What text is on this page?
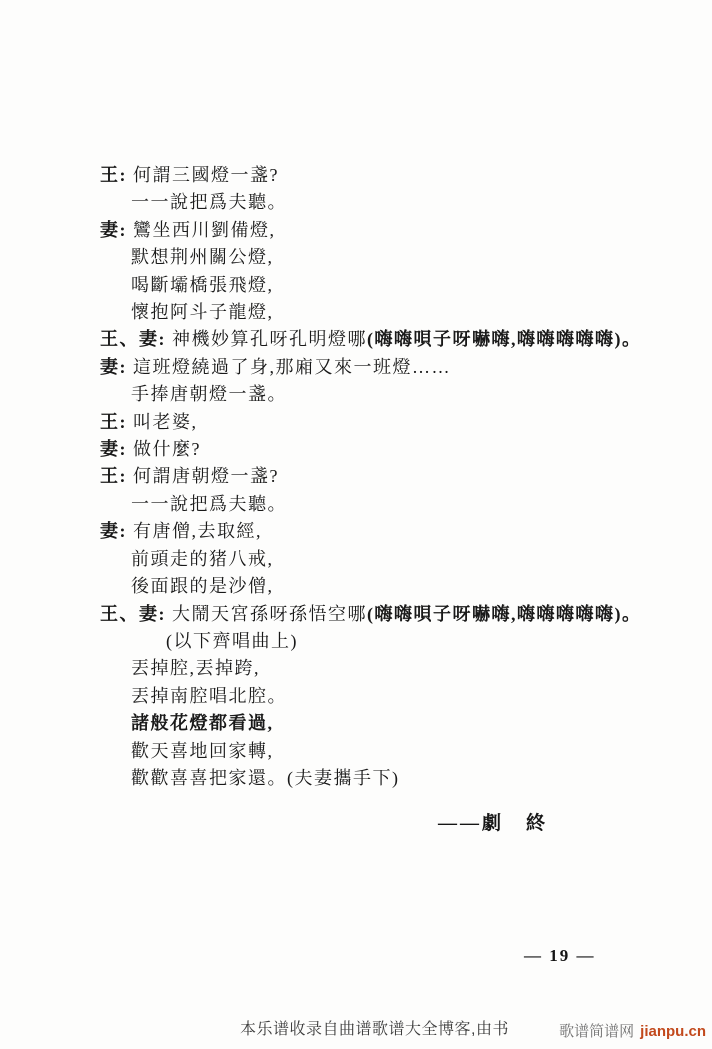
王: 何謂三國燈一盞?
一一說把爲夫聽。
妻: 鸞坐西川劉備燈,
默想荆州關公燈,
喝斷壩橋張飛燈,
懷抱阿斗子龍燈,
王、妻: 神機妙算孔呀孔明燈哪(嗨嗨唄子呀嚇嗨,嗨嗨嗨嗨嗨)。
妻: 這班燈繞過了身,那廂又來一班燈……
手捧唐朝燈一盞。
王: 叫老婆,
妻: 做什麼?
王: 何謂唐朝燈一盞?
一一說把爲夫聽。
妻: 有唐僧,去取經,
前頭走的猪八戒,
後面跟的是沙僧,
王、妻: 大鬧天宮孫呀孫悟空哪(嗨嗨唄子呀嚇嗨,嗨嗨嗨嗨嗨)。
(以下齊唱曲上)
丟掉腔,丟掉跨,
丟掉南腔唱北腔。
諸般花燈都看過,
歡天喜地回家轉,
歡歡喜喜把家還。(夫妻攜手下)
——劇　終
— 19 —
本乐谱收录自曲谱歌谱大全博客,由书	歌谱简谱网 jianpu.cn
